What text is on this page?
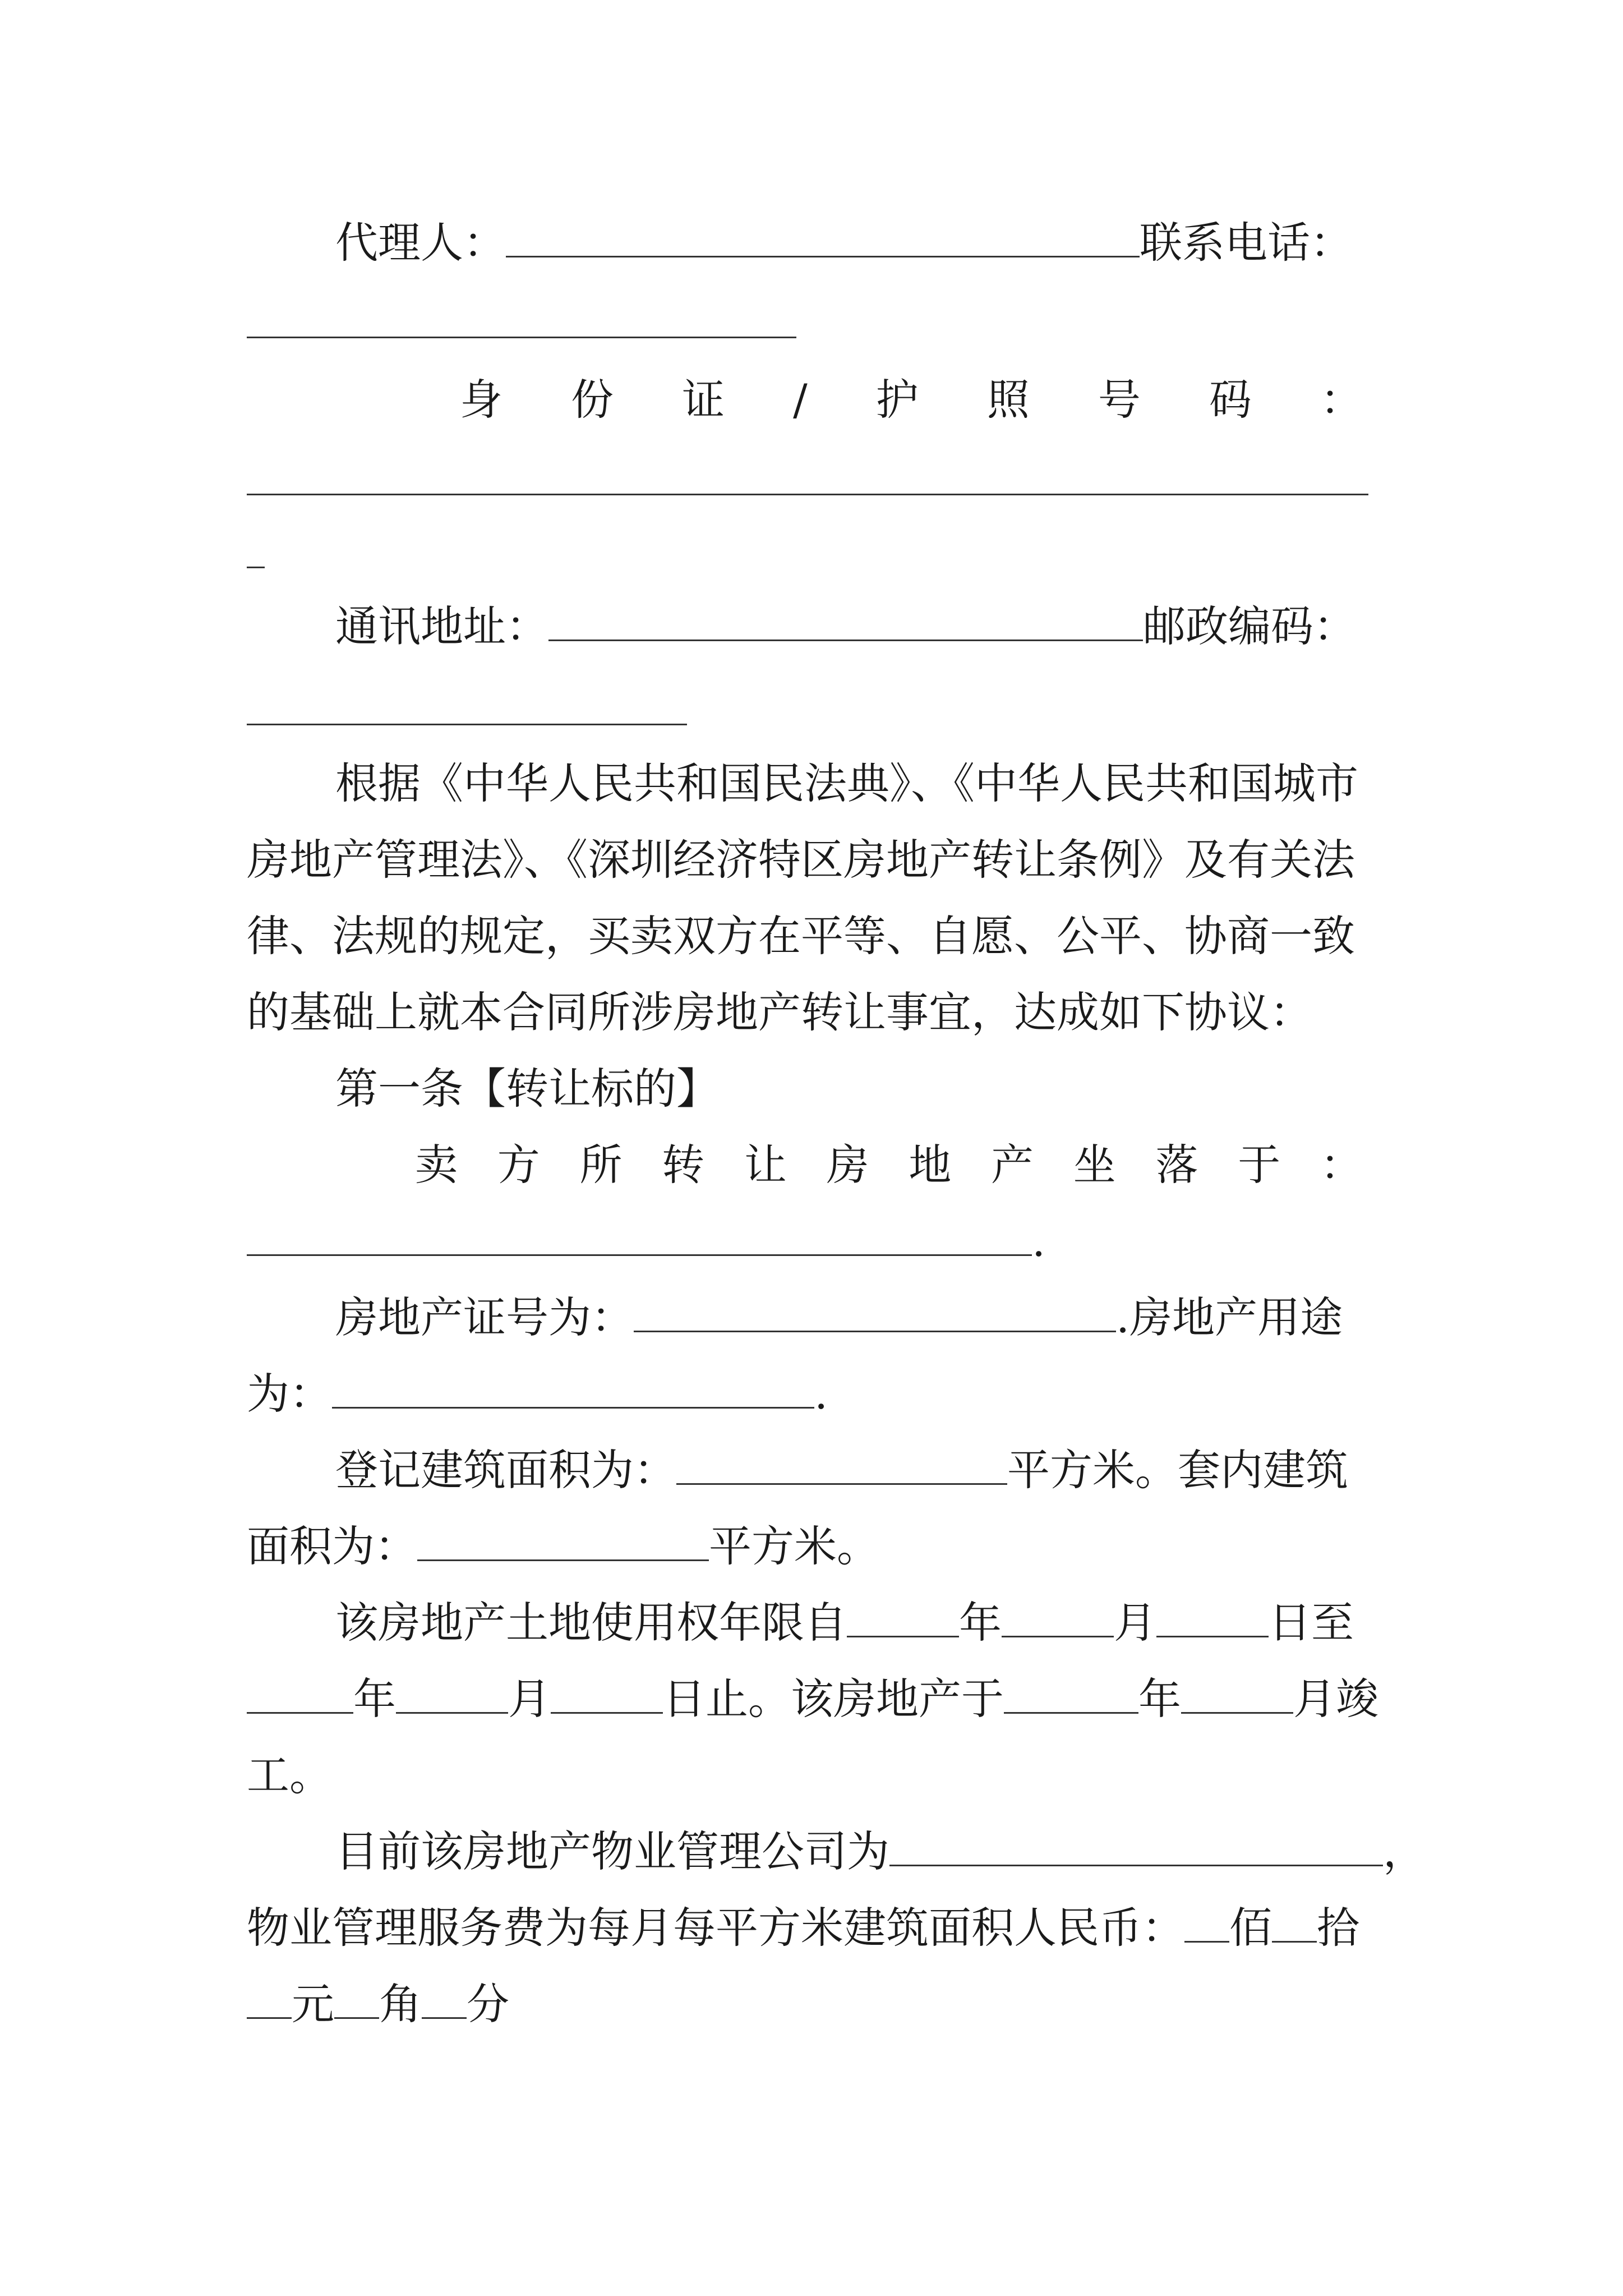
代理人：	联系电话：
身 份 证 / 护 照 号 码 ：
通讯地址：	邮政编码：
根据《中华人民共和国民法典》、《中华人民共和国城市
房地产管理法》、《深圳经济特区房地产转让条例》及有关法
律、法规的规定，买卖双方在平等、自愿、公平、协商一致
的基础上就本合同所涉房地产转让事宜，达成如下协议：
第一条【转让标的】
卖 方 所 转 让 房 地 产 坐 落 于 ：
.
房地产证号为：	.房地产用途
为：	.
登记建筑面积为：	平方米。套内建筑
面积为：	平方米。
该房地产土地使用权年限自	年	月	日至
年	月	日止。该房地产于	年	月竣
工。
目前该房地产物业管理公司为	，
物业管理服务费为每月每平方米建筑面积人民币： 佰 拾
元 角 分
